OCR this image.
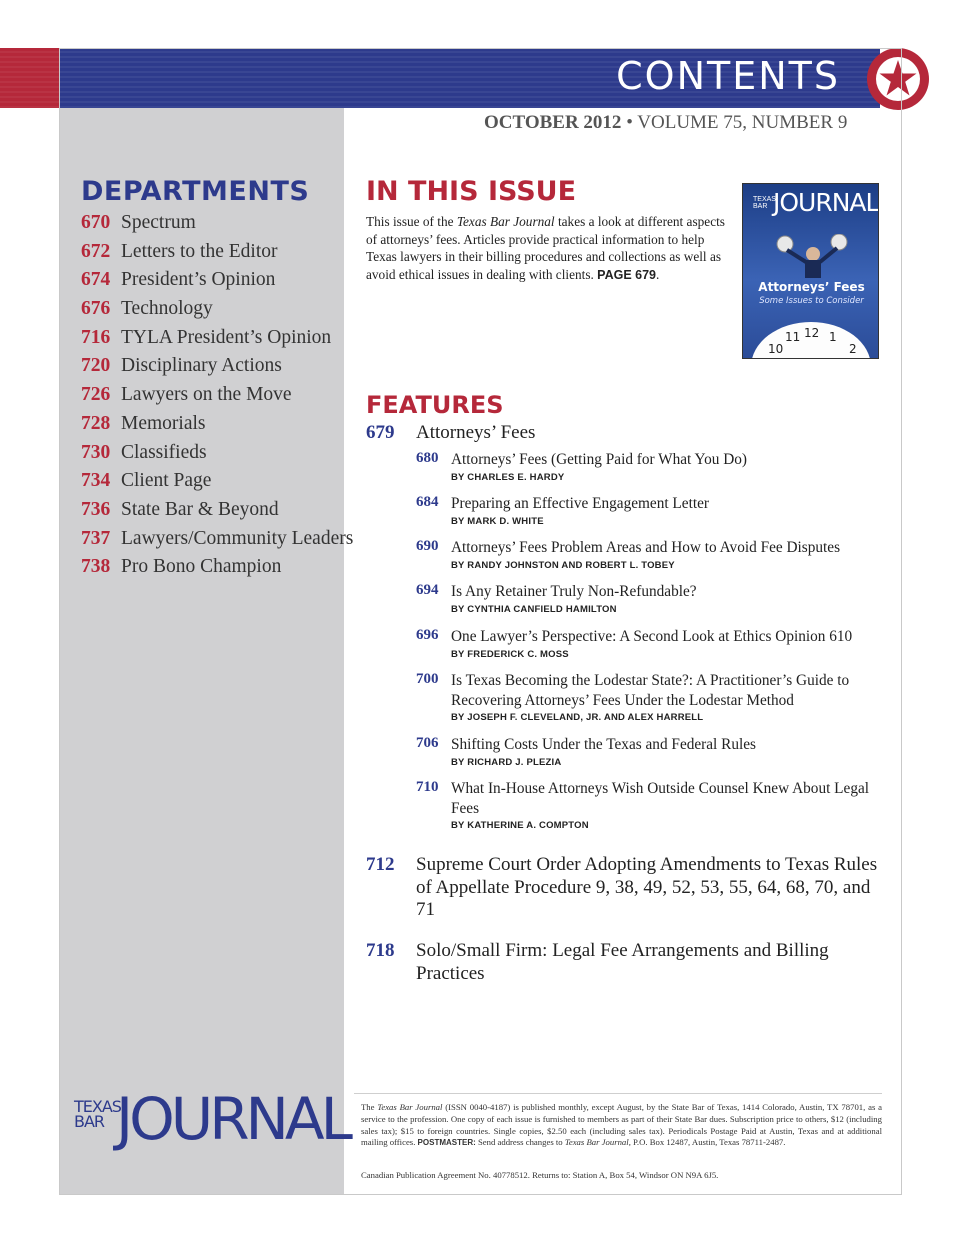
CONTENTS
OCTOBER 2012 • VOLUME 75, NUMBER 9
DEPARTMENTS
670 Spectrum
672 Letters to the Editor
674 President’s Opinion
676 Technology
716 TYLA President’s Opinion
720 Disciplinary Actions
726 Lawyers on the Move
728 Memorials
730 Classifieds
734 Client Page
736 State Bar & Beyond
737 Lawyers/Community Leaders
738 Pro Bono Champion
IN THIS ISSUE
This issue of the Texas Bar Journal takes a look at different aspects of attorneys’ fees. Articles provide practical information to help Texas lawyers in their billing procedures and collections as well as avoid ethical issues in dealing with clients. PAGE 679.
TEXAS
BAR JOURNAL
Attorneys’ Fees
Some Issues to Consider
12
11 1
10	2
FEATURES
679 Attorneys’ Fees
680 Attorneys’ Fees (Getting Paid for What You Do)
BY CHARLES E. HARDY
684 Preparing an Effective Engagement Letter
BY MARK D. WHITE
690 Attorneys’ Fees Problem Areas and How to Avoid Fee Disputes
BY RANDY JOHNSTON AND ROBERT L. TOBEY
694 Is Any Retainer Truly Non-Refundable?
BY CYNTHIA CANFIELD HAMILTON
696 One Lawyer’s Perspective: A Second Look at Ethics Opinion 610
BY FREDERICK C. MOSS
700 Is Texas Becoming the Lodestar State?: A Practitioner’s Guide to Recovering Attorneys’ Fees Under the Lodestar Method
BY JOSEPH F. CLEVELAND, JR. AND ALEX HARRELL
706 Shifting Costs Under the Texas and Federal Rules
BY RICHARD J. PLEZIA
710 What In-House Attorneys Wish Outside Counsel Knew About Legal Fees
BY KATHERINE A. COMPTON
712 Supreme Court Order Adopting Amendments to Texas Rules of Appellate Procedure 9, 38, 49, 52, 53, 55, 64, 68, 70, and 71
718 Solo/Small Firm: Legal Fee Arrangements and Billing Practices
TEXAS
BAR JOURNAL The Texas Bar Journal (ISSN 0040-4187) is published monthly, except August, by the State Bar of Texas, 1414 Colorado, Austin, TX 78701, as a service to the profession. One copy of each issue is furnished to members as part of their State Bar dues. Subscription price to others, $12 (including sales tax); $15 to foreign countries. Single copies, $2.50 each (including sales tax). Periodicals Postage Paid at Austin, Texas and at additional mailing offices. POSTMASTER: Send address changes to Texas Bar Journal, P.O. Box 12487, Austin, Texas 78711-2487.
Canadian Publication Agreement No. 40778512. Returns to: Station A, Box 54, Windsor ON N9A 6J5.
